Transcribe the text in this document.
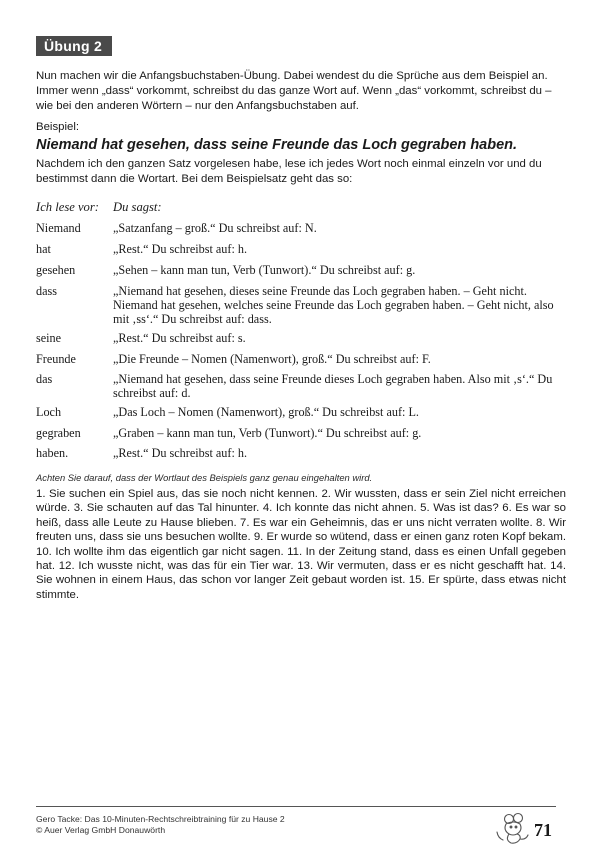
Übung 2

Nun machen wir die Anfangsbuchstaben-Übung. Dabei wendest du die Sprüche aus dem Beispiel an. Immer wenn „dass“ vorkommt, schreibst du das ganze Wort auf. Wenn „das“ vorkommt, schreibst du – wie bei den anderen Wörtern – nur den Anfangsbuchstaben auf.

Beispiel:

Niemand hat gesehen, dass seine Freunde das Loch gegraben haben.

Nachdem ich den ganzen Satz vorgelesen habe, lese ich jedes Wort noch einmal einzeln vor und du bestimmst dann die Wortart. Bei dem Beispielsatz geht das so:

Ich lese vor: Du sagst:
Niemand	„Satzanfang – groß.“ Du schreibst auf: N.
hat	„Rest.“ Du schreibst auf: h.
gesehen	„Sehen – kann man tun, Verb (Tunwort).“ Du schreibst auf: g.
dass	„Niemand hat gesehen, dieses seine Freunde das Loch gegraben haben. – Geht nicht. Niemand hat gesehen, welches seine Freunde das Loch gegraben haben. – Geht nicht, also mit ‚ss‘.“ Du schreibst auf: dass.
seine	„Rest.“ Du schreibst auf: s.
Freunde	„Die Freunde – Nomen (Namenwort), groß.“ Du schreibst auf: F.
das	„Niemand hat gesehen, dass seine Freunde dieses Loch gegraben haben. Also mit ‚s‘.“ Du schreibst auf: d.
Loch	„Das Loch – Nomen (Namenwort), groß.“ Du schreibst auf: L.
gegraben	„Graben – kann man tun, Verb (Tunwort).“ Du schreibst auf: g.
haben.	„Rest.“ Du schreibst auf: h.

Achten Sie darauf, dass der Wortlaut des Beispiels ganz genau eingehalten wird.

1. Sie suchen ein Spiel aus, das sie noch nicht kennen. 2. Wir wussten, dass er sein Ziel nicht erreichen würde. 3. Sie schauten auf das Tal hinunter. 4. Ich konnte das nicht ahnen. 5. Was ist das? 6. Es war so heiß, dass alle Leute zu Hause blieben. 7. Es war ein Geheimnis, das er uns nicht verraten wollte. 8. Wir freuten uns, dass sie uns besuchen wollte. 9. Er wurde so wütend, dass er einen ganz roten Kopf bekam. 10. Ich wollte ihm das eigentlich gar nicht sagen. 11. In der Zeitung stand, dass es einen Unfall gegeben hat. 12. Ich wusste nicht, was das für ein Tier war. 13. Wir vermuten, dass er es nicht geschafft hat. 14. Sie wohnen in einem Haus, das schon vor langer Zeit gebaut worden ist. 15. Er spürte, dass etwas nicht stimmte.

Gero Tacke: Das 10-Minuten-Rechtschreibtraining für zu Hause 2
© Auer Verlag GmbH Donauwörth	71
